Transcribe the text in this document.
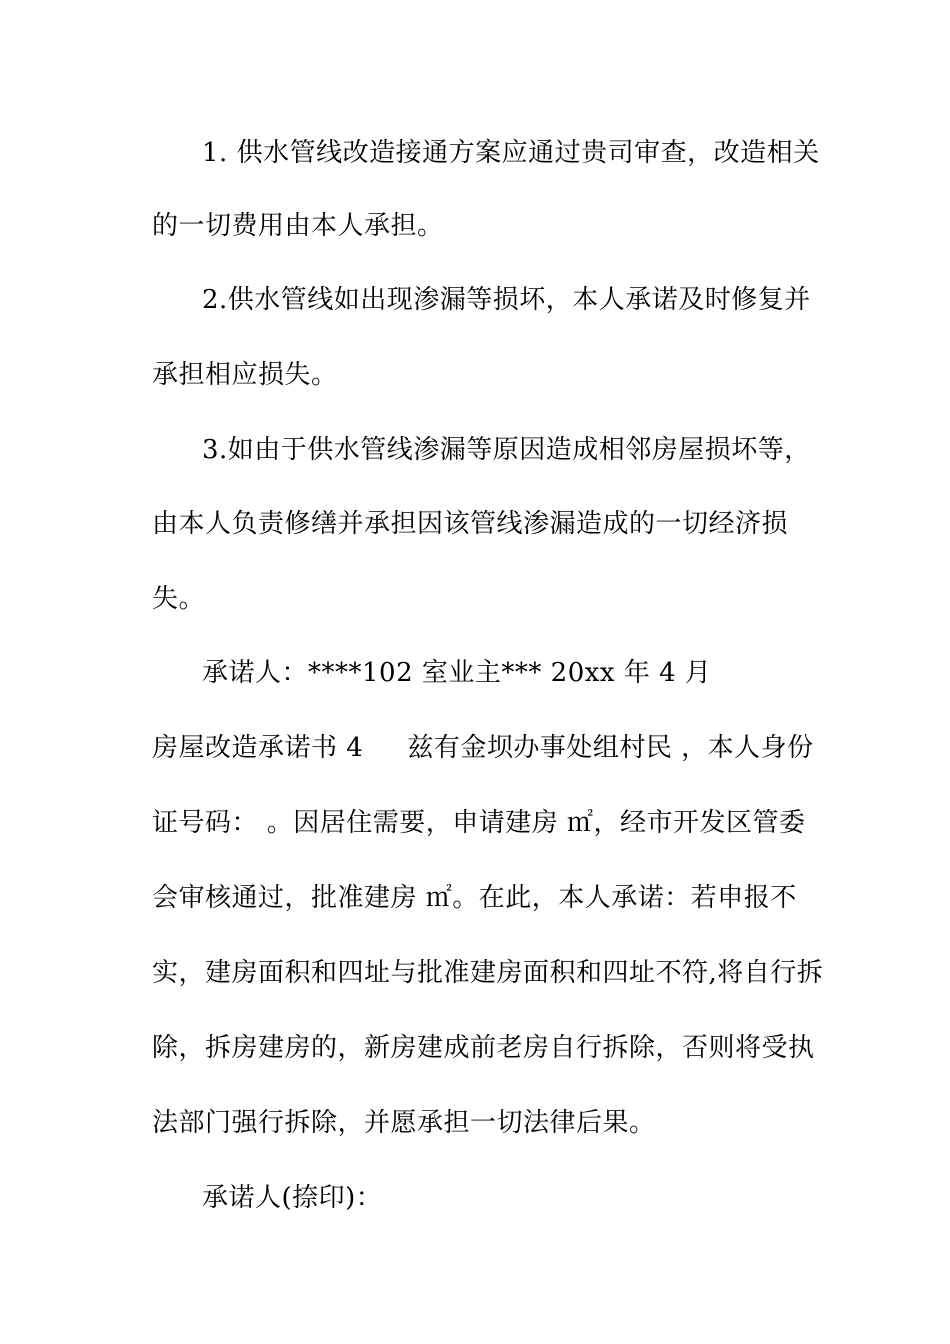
1. 供水管线改造接通方案应通过贵司审查，改造相关
的一切费用由本人承担。
2.供水管线如出现渗漏等损坏，本人承诺及时修复并
承担相应损失。
3.如由于供水管线渗漏等原因造成相邻房屋损坏等，
由本人负责修缮并承担因该管线渗漏造成的一切经济损
失。
承诺人：****102 室业主*** 20xx 年 4 月
房屋改造承诺书 4 兹有金坝办事处组村民 ，本人身份
证号码： 。因居住需要，申请建房 ㎡，经市开发区管委
会审核通过，批准建房 ㎡。在此，本人承诺：若申报不
实，建房面积和四址与批准建房面积和四址不符,将自行拆
除，拆房建房的，新房建成前老房自行拆除，否则将受执
法部门强行拆除，并愿承担一切法律后果。
承诺人(捺印)：
